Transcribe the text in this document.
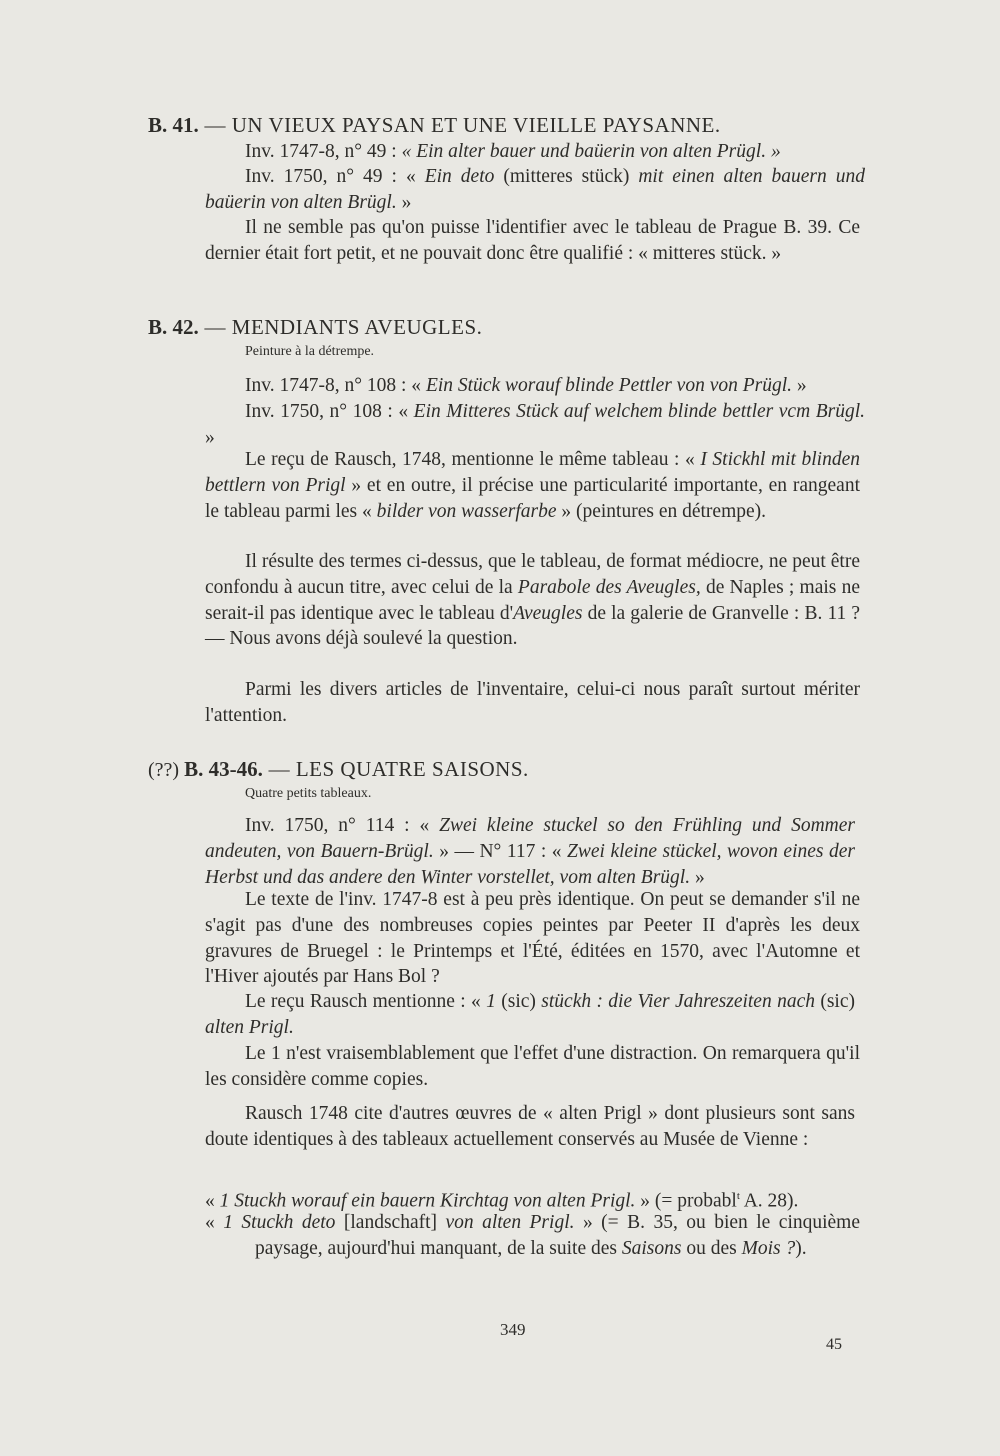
B. 41. — UN VIEUX PAYSAN ET UNE VIEILLE PAYSANNE.
Inv. 1747-8, n° 49 : « Ein alter bauer und baüerin von alten Prügl. »
Inv. 1750, n° 49 : « Ein deto (mitteres stück) mit einen alten bauern und baüerin von alten Brügl. »
Il ne semble pas qu'on puisse l'identifier avec le tableau de Prague B. 39. Ce dernier était fort petit, et ne pouvait donc être qualifié : « mitteres stück. »
B. 42. — MENDIANTS AVEUGLES.
Peinture à la détrempe.
Inv. 1747-8, n° 108 : « Ein Stück worauf blinde Pettler von von Prügl. »
Inv. 1750, n° 108 : « Ein Mitteres Stück auf welchem blinde bettler vcm Brügl. »
Le reçu de Rausch, 1748, mentionne le même tableau : « I Stickhl mit blinden bettlern von Prigl » et en outre, il précise une particularité importante, en rangeant le tableau parmi les « bilder von wasserfarbe » (peintures en détrempe).
Il résulte des termes ci-dessus, que le tableau, de format médiocre, ne peut être confondu à aucun titre, avec celui de la Parabole des Aveugles, de Naples ; mais ne serait-il pas identique avec le tableau d'Aveugles de la galerie de Granvelle : B. 11 ? — Nous avons déjà soulevé la question.
Parmi les divers articles de l'inventaire, celui-ci nous paraît surtout mériter l'attention.
(??) B. 43-46. — LES QUATRE SAISONS.
Quatre petits tableaux.
Inv. 1750, n° 114 : « Zwei kleine stuckel so den Frühling und Sommer andeuten, von Bauern-Brügl. » — N° 117 : « Zwei kleine stückel, wovon eines der Herbst und das andere den Winter vorstellet, vom alten Brügl. »
Le texte de l'inv. 1747-8 est à peu près identique. On peut se demander s'il ne s'agit pas d'une des nombreuses copies peintes par Peeter II d'après les deux gravures de Bruegel : le Printemps et l'Été, éditées en 1570, avec l'Automne et l'Hiver ajoutés par Hans Bol ?
Le reçu Rausch mentionne : « 1 (sic) stückh : die Vier Jahreszeiten nach (sic) alten Prigl.
Le 1 n'est vraisemblablement que l'effet d'une distraction. On remarquera qu'il les considère comme copies.
Rausch 1748 cite d'autres œuvres de « alten Prigl » dont plusieurs sont sans doute identiques à des tableaux actuellement conservés au Musée de Vienne :
« 1 Stuckh worauf ein bauern Kirchtag von alten Prigl. » (= probabl$^t$ A. 28).
« 1 Stuckh deto [landschaft] von alten Prigl. » (= B. 35, ou bien le cinquième paysage, aujourd'hui manquant, de la suite des Saisons ou des Mois ?).
349
45
